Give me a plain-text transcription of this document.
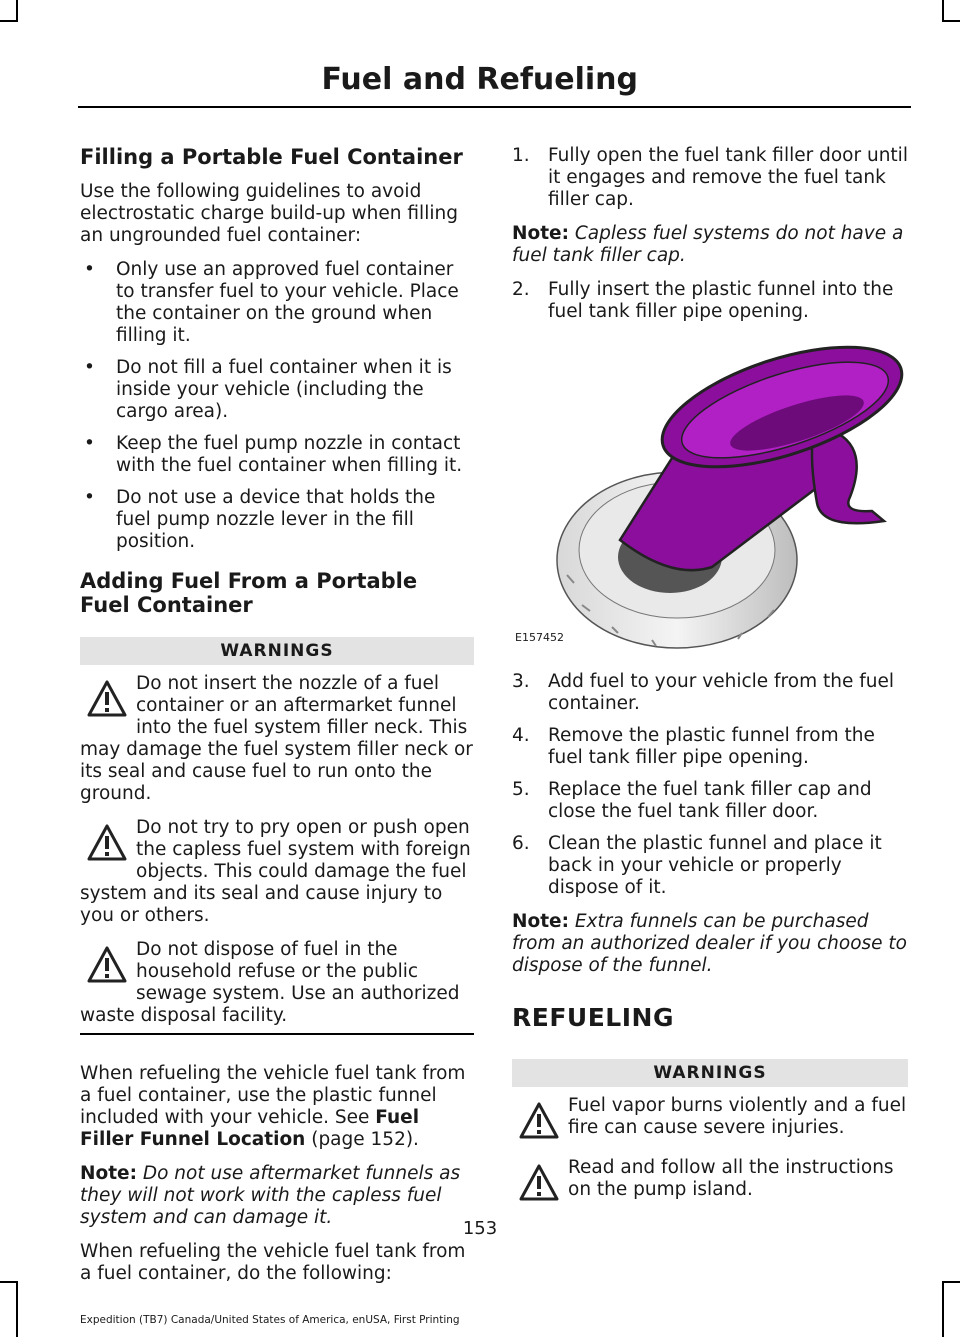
Fuel and Refueling
Filling a Portable Fuel Container

Use the following guidelines to avoid electrostatic charge build-up when filling an ungrounded fuel container:

• Only use an approved fuel container to transfer fuel to your vehicle. Place the container on the ground when filling it.
• Do not fill a fuel container when it is inside your vehicle (including the cargo area).
• Keep the fuel pump nozzle in contact with the fuel container when filling it.
• Do not use a device that holds the fuel pump nozzle lever in the fill position.
Adding Fuel From a Portable Fuel Container
WARNINGS
Do not insert the nozzle of a fuel container or an aftermarket funnel into the fuel system filler neck. This may damage the fuel system filler neck or its seal and cause fuel to run onto the ground.
Do not try to pry open or push open the capless fuel system with foreign objects. This could damage the fuel system and its seal and cause injury to you or others.
Do not dispose of fuel in the household refuse or the public sewage system. Use an authorized waste disposal facility.

When refueling the vehicle fuel tank from a fuel container, use the plastic funnel included with your vehicle. See Fuel Filler Funnel Location (page 152).

Note: Do not use aftermarket funnels as they will not work with the capless fuel system and can damage it.

When refueling the vehicle fuel tank from a fuel container, do the following:

1. Fully open the fuel tank filler door until it engages and remove the fuel tank filler cap.

Note: Capless fuel systems do not have a fuel tank filler cap.

2. Fully insert the plastic funnel into the fuel tank filler pipe opening.
E157452
3. Add fuel to your vehicle from the fuel container.
4. Remove the plastic funnel from the fuel tank filler pipe opening.
5. Replace the fuel tank filler cap and close the fuel tank filler door.
6. Clean the plastic funnel and place it back in your vehicle or properly dispose of it.

Note: Extra funnels can be purchased from an authorized dealer if you choose to dispose of the funnel.

REFUELING
WARNINGS
Fuel vapor burns violently and a fuel fire can cause severe injuries.
Read and follow all the instructions on the pump island.
153
Expedition (TB7) Canada/United States of America, enUSA, First Printing
